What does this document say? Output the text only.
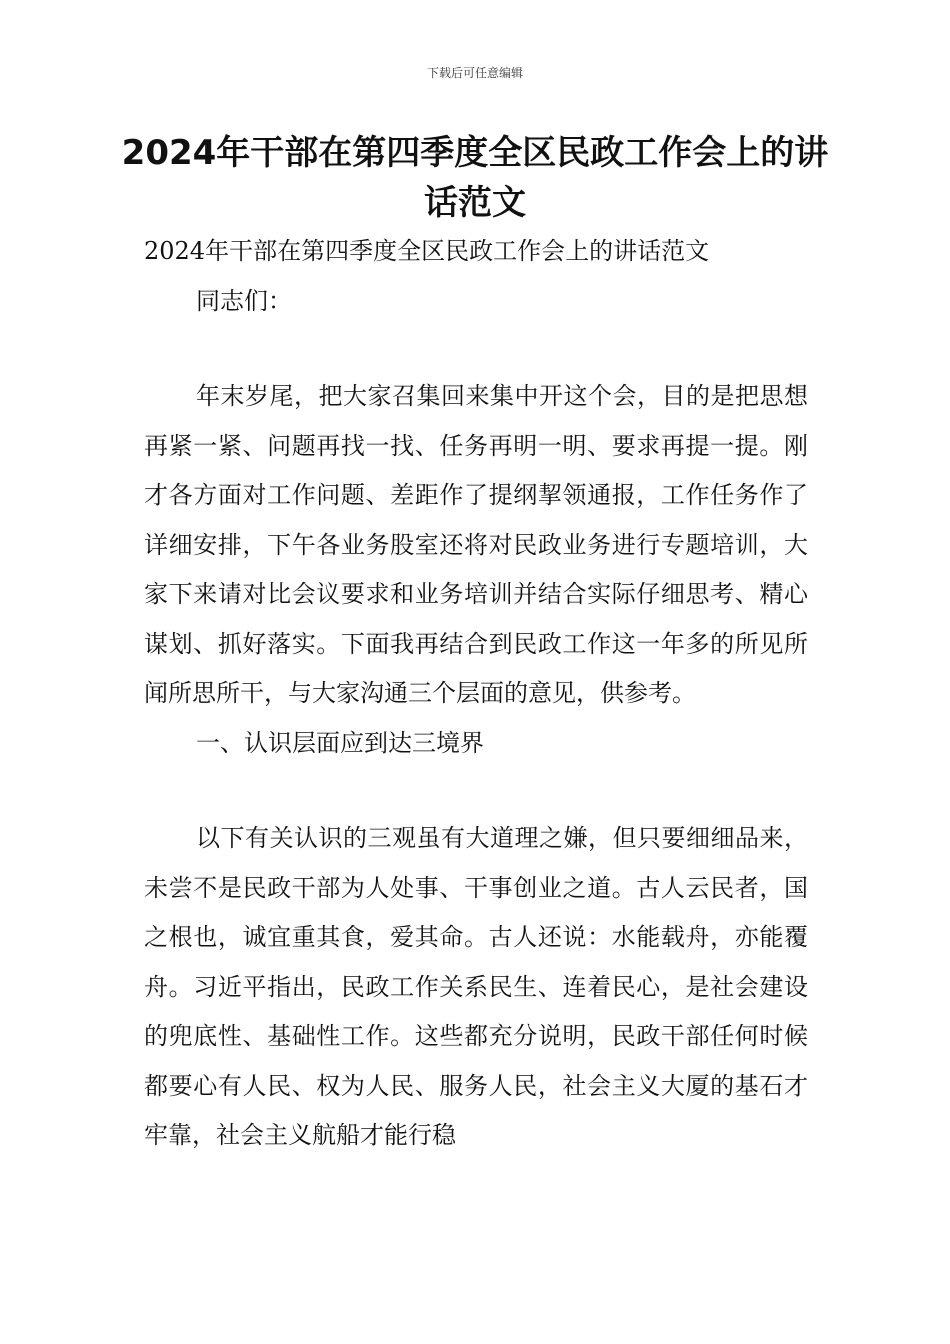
下载后可任意编辑
2024年干部在第四季度全区民政工作会上的讲话范文

2024年干部在第四季度全区民政工作会上的讲话范文

同志们：

年末岁尾，把大家召集回来集中开这个会，目的是把思想再紧一紧、问题再找一找、任务再明一明、要求再提一提。刚才各方面对工作问题、差距作了提纲挈领通报，工作任务作了详细安排，下午各业务股室还将对民政业务进行专题培训，大家下来请对比会议要求和业务培训并结合实际仔细思考、精心谋划、抓好落实。下面我再结合到民政工作这一年多的所见所闻所思所干，与大家沟通三个层面的意见，供参考。

一、认识层面应到达三境界

以下有关认识的三观虽有大道理之嫌，但只要细细品来，未尝不是民政干部为人处事、干事创业之道。古人云民者，国之根也，诚宜重其食，爱其命。古人还说：水能载舟，亦能覆舟。习近平指出，民政工作关系民生、连着民心，是社会建设的兜底性、基础性工作。这些都充分说明，民政干部任何时候都要心有人民、权为人民、服务人民，社会主义大厦的基石才牢靠，社会主义航船才能行稳
